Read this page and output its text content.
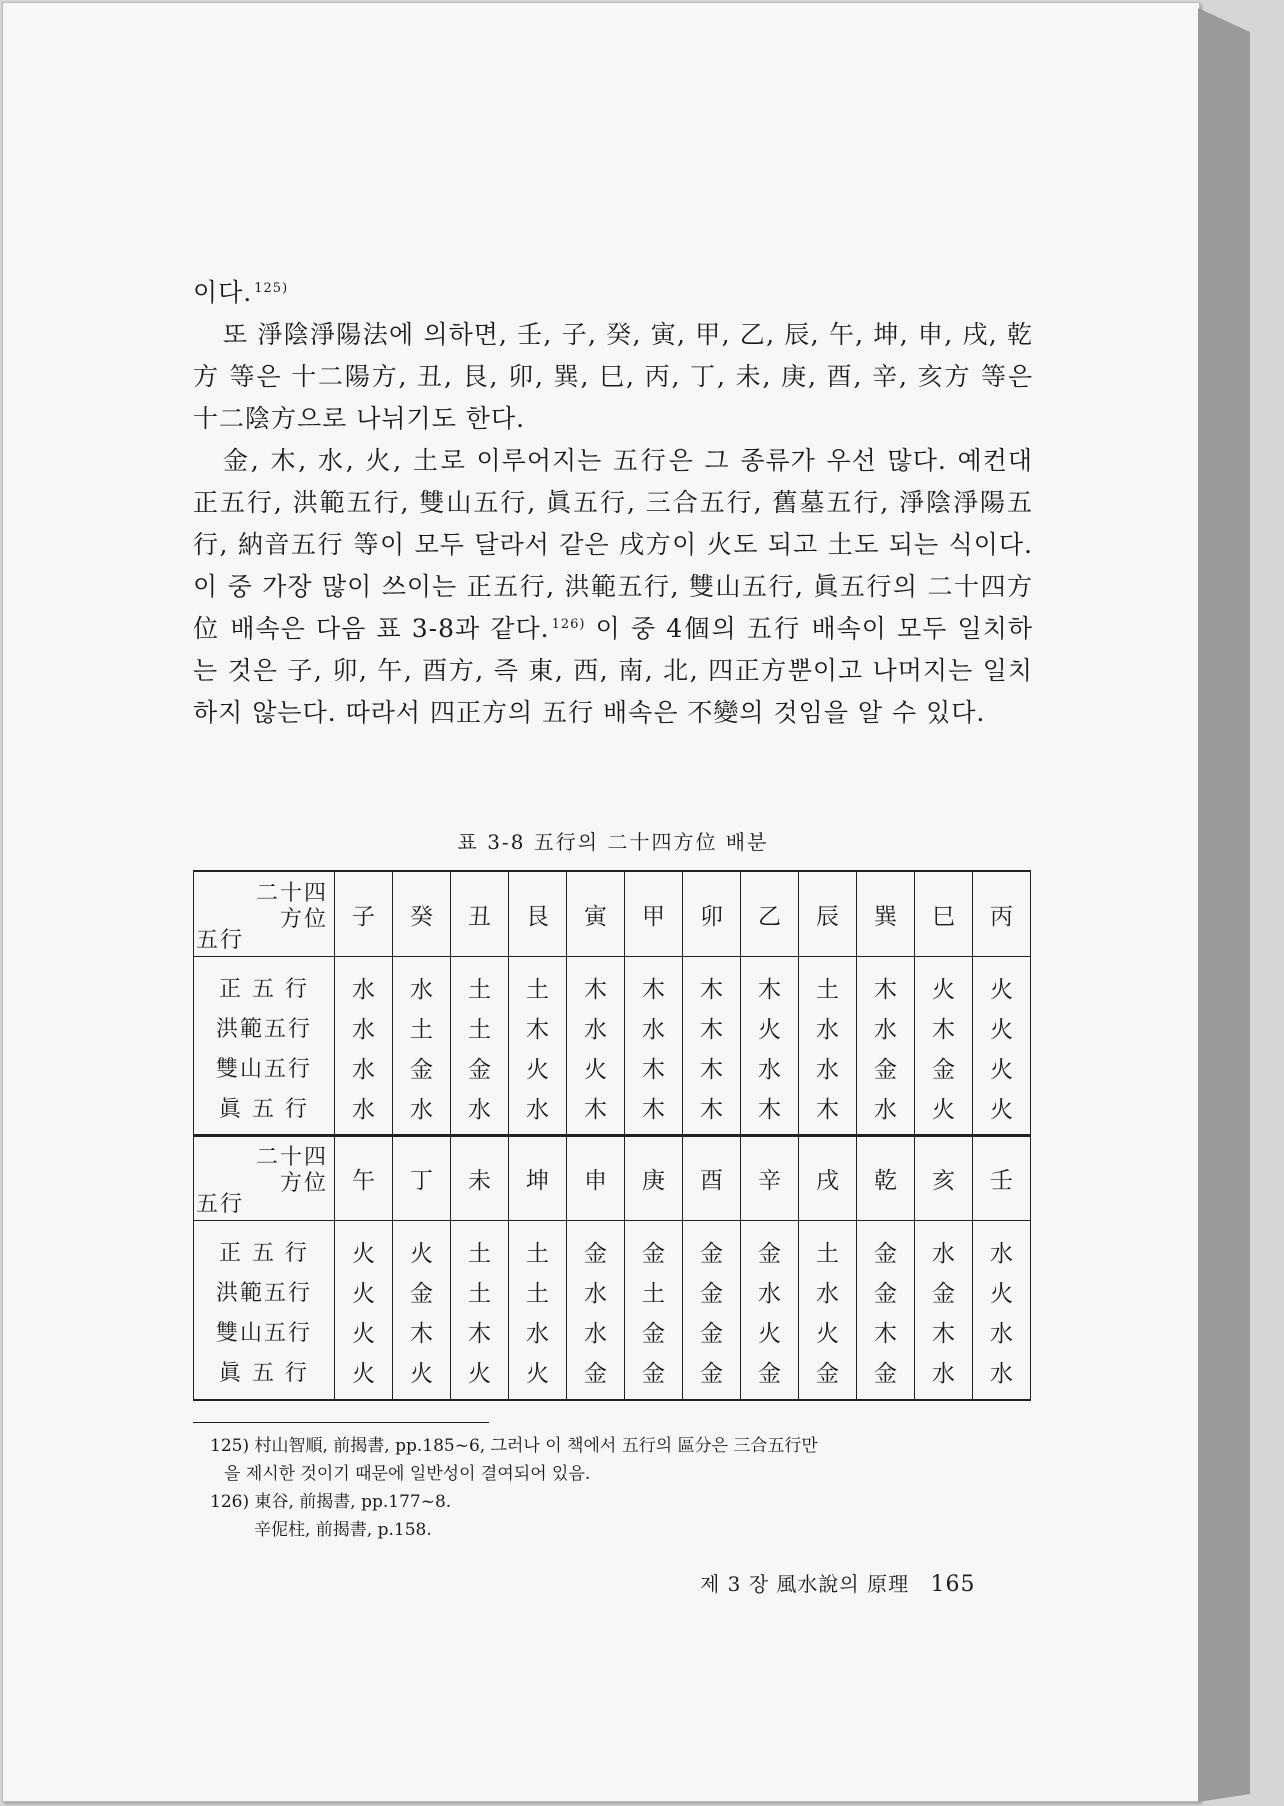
이다. $^{125)}$

또 淨陰淨陽法에 의하면, 壬, 子, 癸, 寅, 甲, 乙, 辰, 午, 坤, 申, 戌, 乾方 等은 十二陽方, 丑, 艮, 卯, 巽, 巳, 丙, 丁, 未, 庚, 酉, 辛, 亥方 等은 十二陰方으로 나뉘기도 한다.

金, 木, 水, 火, 土로 이루어지는 五行은 그 종류가 우선 많다. 예컨대 正五行, 洪範五行, 雙山五行, 眞五行, 三合五行, 舊墓五行, 淨陰淨陽五行, 納音五行 等이 모두 달라서 같은 戌方이 火도 되고 土도 되는 식이다. 이 중 가장 많이 쓰이는 正五行, 洪範五行, 雙山五行, 眞五行의 二十四方位 배속은 다음 표 3-8과 같다. $^{126)}$ 이 중 4個의 五行 배속이 모두 일치하는 것은 子, 卯, 午, 酉方, 즉 東, 西, 南, 北, 四正方뿐이고 나머지는 일치하지 않는다. 따라서 四正方의 五行 배속은 不變의 것임을 알 수 있다.

표 3-8 五行의 二十四方位 배분
二十四
方位
五行	子	癸	丑	艮	寅	甲	卯	乙	辰	巽	巳	丙
正 五 行	水	水	土	土	木	木	木	木	土	木	火	火
洪範五行	水	土	土	木	水	水	木	火	水	水	木	火
雙山五行	水	金	金	火	火	木	木	水	水	金	金	火
眞 五 行	水	水	水	水	木	木	木	木	木	水	火	火
二十四
方位
五行	午	丁	未	坤	申	庚	酉	辛	戌	乾	亥	壬
正 五 行	火	火	土	土	金	金	金	金	土	金	水	水
洪範五行	火	金	土	土	水	土	金	水	水	金	金	火
雙山五行	火	木	木	水	水	金	金	火	火	木	木	水
眞 五 行	火	火	火	火	金	金	金	金	金	金	水	水

125) 村山智順, 前揭書, pp.185~6, 그러나 이 책에서 五行의 區分은 三合五行만

을 제시한 것이기 때문에 일반성이 결여되어 있음.

126) 東谷, 前揭書, pp.177~8.

辛伲柱, 前揭書, p.158.

제 3 장 風水說의 原理 165
